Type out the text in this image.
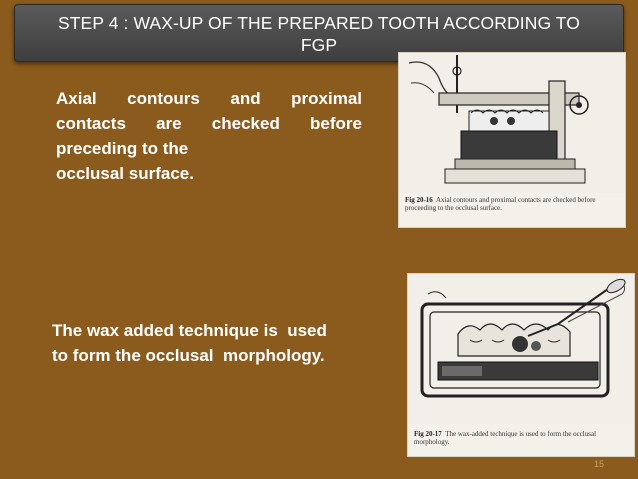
STEP 4 : WAX-UP OF THE PREPARED TOOTH ACCORDING TO
FGP
Axial contours and proximal
contacts are checked before
preceding to the
occlusal surface.
The wax added technique is  used
to form the occlusal  morphology.
Fig 20-16 Axial contours and proximal contacts are checked before proceeding to the occlusal surface.
Fig 20-17 The wax-added technique is used to form the occlusal morphology.
15
